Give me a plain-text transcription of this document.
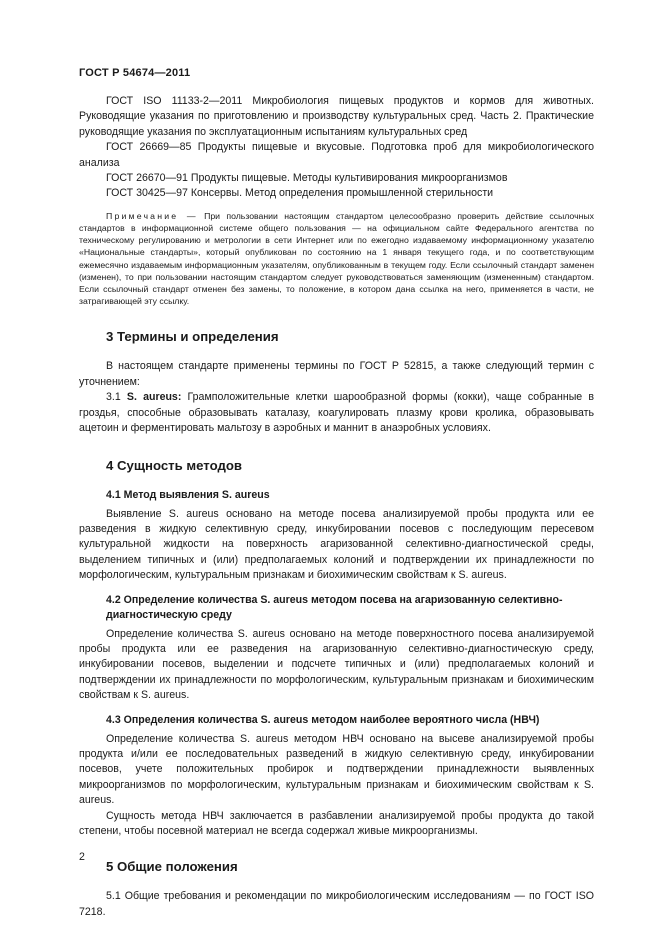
ГОСТ Р 54674—2011

ГОСТ ISO 11133-2—2011 Микробиология пищевых продуктов и кормов для животных. Руководящие указания по приготовлению и производству культуральных сред. Часть 2. Практические руководящие указания по эксплуатационным испытаниям культуральных сред

ГОСТ 26669—85 Продукты пищевые и вкусовые. Подготовка проб для микробиологического анализа

ГОСТ 26670—91 Продукты пищевые. Методы культивирования микроорганизмов

ГОСТ 30425—97 Консервы. Метод определения промышленной стерильности

Примечание — При пользовании настоящим стандартом целесообразно проверить действие ссылочных стандартов в информационной системе общего пользования — на официальном сайте Федерального агентства по техническому регулированию и метрологии в сети Интернет или по ежегодно издаваемому информационному указателю «Национальные стандарты», который опубликован по состоянию на 1 января текущего года, и по соответствующим ежемесячно издаваемым информационным указателям, опубликованным в текущем году. Если ссылочный стандарт заменен (изменен), то при пользовании настоящим стандартом следует руководствоваться заменяющим (измененным) стандартом. Если ссылочный стандарт отменен без замены, то положение, в котором дана ссылка на него, применяется в части, не затрагивающей эту ссылку.
3 Термины и определения

В настоящем стандарте применены термины по ГОСТ Р 52815, а также следующий термин с уточнением:

3.1 S. aureus: Грамположительные клетки шарообразной формы (кокки), чаще собранные в гроздья, способные образовывать каталазу, коагулировать плазму крови кролика, образовывать ацетоин и ферментировать мальтозу в аэробных и маннит в анаэробных условиях.

4 Сущность методов
4.1 Метод выявления S. aureus

Выявление S. aureus основано на методе посева анализируемой пробы продукта или ее разведения в жидкую селективную среду, инкубировании посевов с последующим пересевом культуральной жидкости на поверхность агаризованной селективно-диагностической среды, выделением типичных и (или) предполагаемых колоний и подтверждении их принадлежности по морфологическим, культуральным признакам и биохимическим свойствам к S. aureus.

4.2 Определение количества S. aureus методом посева на агаризованную селективно-диагностическую среду

Определение количества S. aureus основано на методе поверхностного посева анализируемой пробы продукта или ее разведения на агаризованную селективно-диагностическую среду, инкубировании посевов, выделении и подсчете типичных и (или) предполагаемых колоний и подтверждении их принадлежности по морфологическим, культуральным признакам и биохимическим свойствам к S. aureus.

4.3 Определения количества S. aureus методом наиболее вероятного числа (НВЧ)

Определение количества S. aureus методом НВЧ основано на высеве анализируемой пробы продукта и/или ее последовательных разведений в жидкую селективную среду, инкубировании посевов, учете положительных пробирок и подтверждении принадлежности выявленных микроорганизмов по морфологическим, культуральным признакам и биохимическим свойствам к S. aureus.

Сущность метода НВЧ заключается в разбавлении анализируемой пробы продукта до такой степени, чтобы посевной материал не всегда содержал живые микроорганизмы.

5 Общие положения

5.1 Общие требования и рекомендации по микробиологическим исследованиям — по ГОСТ ISO 7218.

2
